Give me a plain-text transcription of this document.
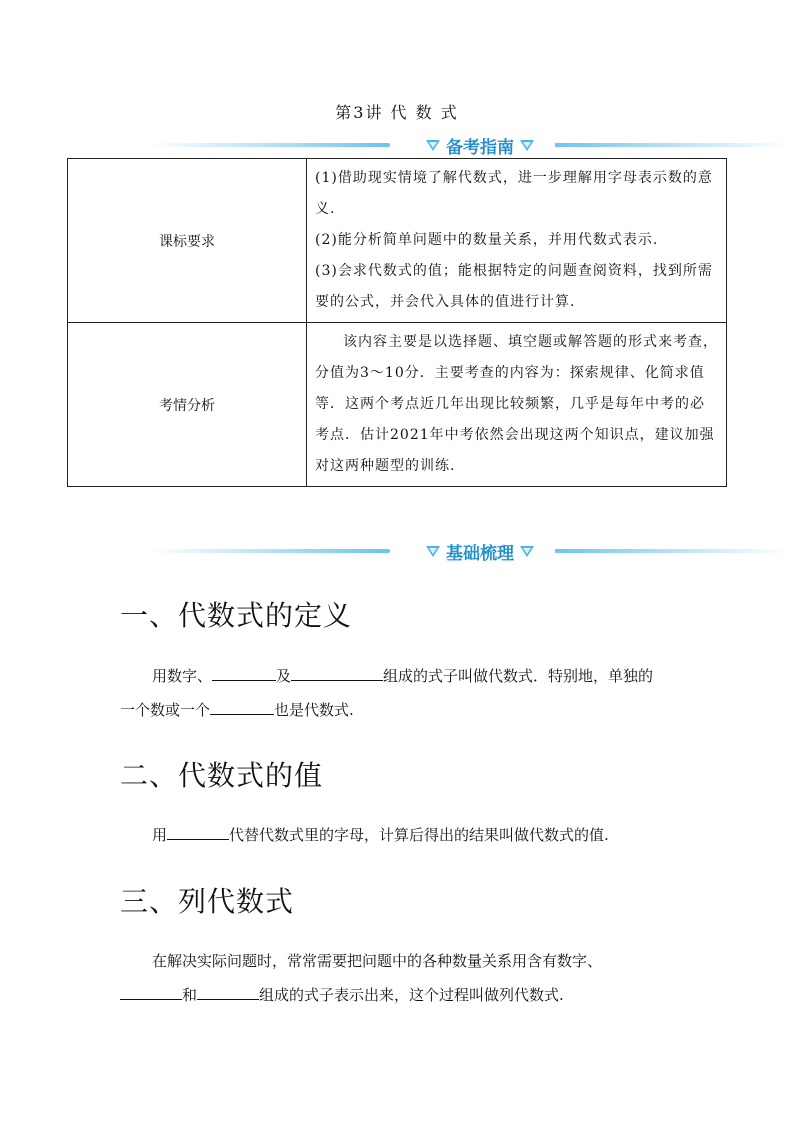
第3讲 代 数 式
备考指南
课标要求	(1)借助现实情境了解代数式，进一步理解用字母表示数的意义.
(2)能分析简单问题中的数量关系，并用代数式表示.
(3)会求代数式的值；能根据特定的问题查阅资料，找到所需要的公式，并会代入具体的值进行计算.

考情分析	该内容主要是以选择题、填空题或解答题的形式来考查，分值为3～10分．主要考查的内容为：探索规律、化简求值等．这两个考点近几年出现比较频繁，几乎是每年中考的必考点．估计2021年中考依然会出现这两个知识点，建议加强对这两种题型的训练.
基础梳理
一、代数式的定义
用数字、	及	组成的式子叫做代数式．特别地，单独的
一个数或一个	也是代数式.
二、代数式的值
用	代替代数式里的字母，计算后得出的结果叫做代数式的值.
三、列代数式
在解决实际问题时，常常需要把问题中的各种数量关系用含有数字、
和	组成的式子表示出来，这个过程叫做列代数式.
